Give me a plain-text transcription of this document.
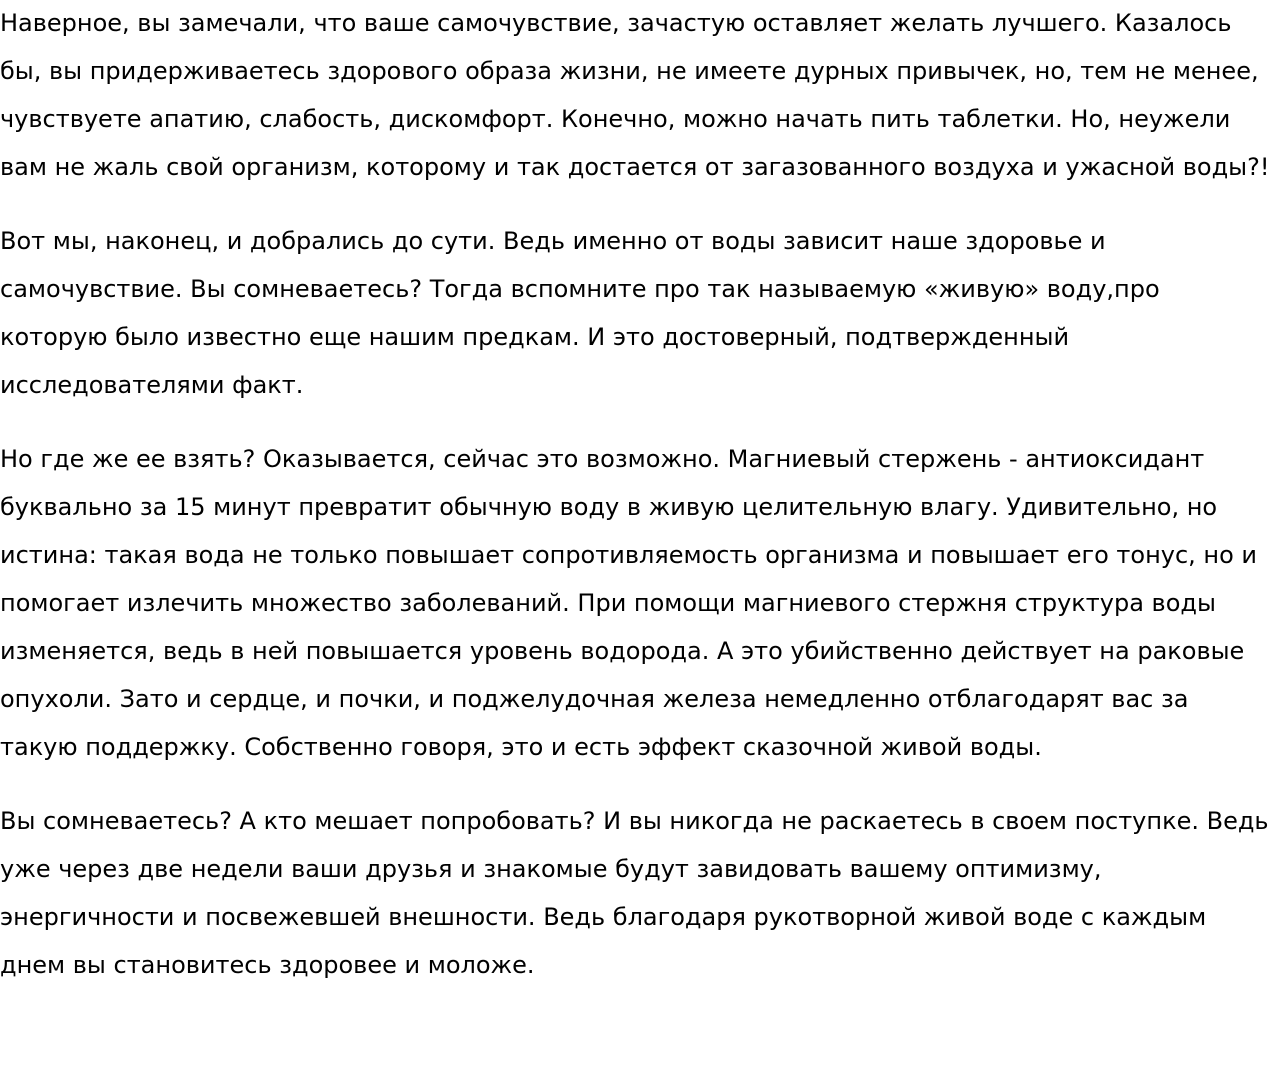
Наверное, вы замечали, что ваше самочувствие, зачастую оставляет желать лучшего. Казалось бы, вы придерживаетесь здорового образа жизни, не имеете дурных привычек, но, тем не менее, чувствуете апатию, слабость, дискомфорт. Конечно, можно начать пить таблетки. Но, неужели вам не жаль свой организм, которому и так достается от загазованного воздуха и ужасной воды?!

Вот мы, наконец, и добрались до сути. Ведь именно от воды зависит наше здоровье и самочувствие. Вы сомневаетесь? Тогда вспомните про так называемую «живую» воду,про которую было известно еще нашим предкам. И это достоверный, подтвержденный исследователями факт.

Но где же ее взять? Оказывается, сейчас это возможно. Магниевый стержень - антиоксидант буквально за 15 минут превратит обычную воду в живую целительную влагу. Удивительно, но истина: такая вода не только повышает сопротивляемость организма и повышает его тонус, но и помогает излечить множество заболеваний. При помощи магниевого стержня структура воды изменяется, ведь в ней повышается уровень водорода. А это убийственно действует на раковые опухоли. Зато и сердце, и почки, и поджелудочная железа немедленно отблагодарят вас за такую поддержку. Собственно говоря, это и есть эффект сказочной живой воды.

Вы сомневаетесь? А кто мешает попробовать? И вы никогда не раскаетесь в своем поступке. Ведь уже через две недели ваши друзья и знакомые будут завидовать вашему оптимизму, энергичности и посвежевшей внешности. Ведь благодаря рукотворной живой воде с каждым днем вы становитесь здоровее и моложе.
